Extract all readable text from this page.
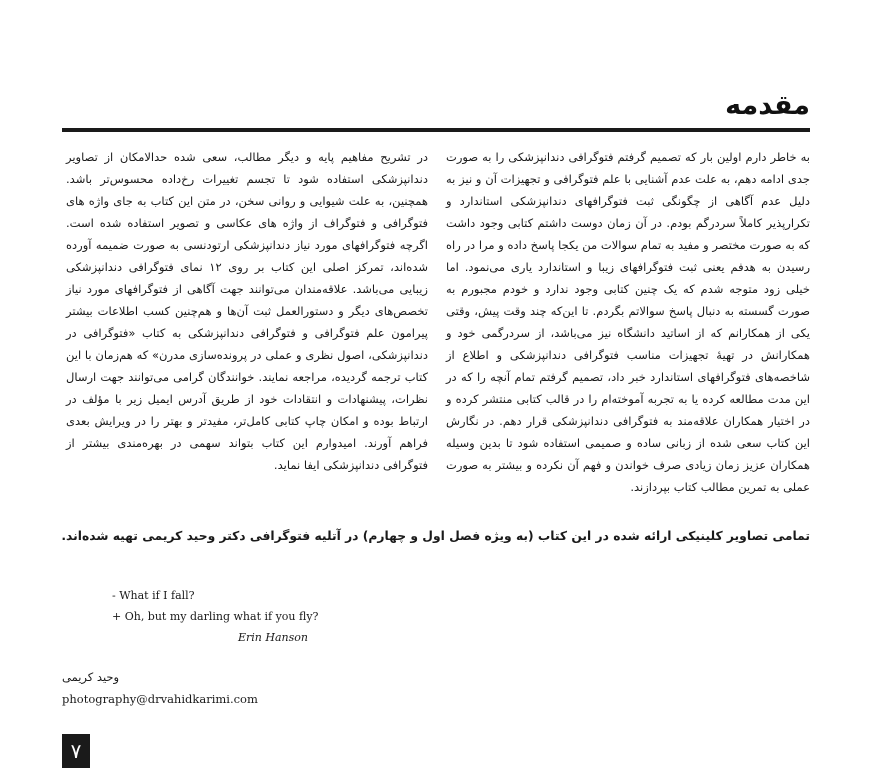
مقدمه

به خاطر دارم اولین بار که تصمیم گرفتم فتوگرافی دندانپزشکی را به صورت جدی ادامه دهم، به علت عدم آشنایی با علم فتوگرافی و تجهیزات آن و نیز به دلیل عدم آگاهی از چگونگی ثبت فتوگرافهای دندانپزشکی استاندارد و تکرارپذیر کاملاً سردرگم بودم. در آن زمان دوست داشتم کتابی وجود داشت که به صورت مختصر و مفید به تمام سوالات من یکجا پاسخ داده و مرا در راه رسیدن به هدفم یعنی ثبت فتوگرافهای زیبا و استاندارد یاری می‌نمود. اما خیلی زود متوجه شدم که یک چنین کتابی وجود ندارد و خودم مجبورم به صورت گسسته به دنبال پاسخ سوالاتم بگردم. تا این‌که چند وقت پیش، وقتی یکی از همکارانم که از اساتید دانشگاه نیز می‌باشد، از سردرگمی خود و همکارانش در تهیهٔ تجهیزات مناسب فتوگرافی دندانپزشکی و اطلاع از شاخصه‌های فتوگرافهای استاندارد خبر داد، تصمیم گرفتم تمام آنچه را که در این مدت مطالعه کرده یا به تجربه آموخته‌ام را در قالب کتابی منتشر کرده و در اختیار همکاران علاقه‌مند به فتوگرافی دندانپزشکی قرار دهم. در نگارش این کتاب سعی شده از زبانی ساده و صمیمی استفاده شود تا بدین وسیله همکاران عزیز زمان زیادی صرف خواندن و فهم آن نکرده و بیشتر به صورت عملی به تمرین مطالب کتاب بپردازند.

در تشریح مفاهیم پایه و دیگر مطالب، سعی شده حدالامکان از تصاویر دندانپزشکی استفاده شود تا تجسم تغییرات رخ‌داده محسوس‌تر باشد. همچنین، به علت شیوایی و روانی سخن، در متن این کتاب به جای واژه های فتوگرافی و فتوگراف از واژه های عکاسی و تصویر استفاده شده است. اگرچه فتوگرافهای مورد نیاز دندانپزشکی ارتودنسی به صورت ضمیمه آورده شده‌اند، تمرکز اصلی این کتاب بر روی ۱۲ نمای فتوگرافی دندانپزشکی زیبایی می‌باشد. علاقه‌مندان می‌توانند جهت آگاهی از فتوگرافهای مورد نیاز تخصص‌های دیگر و دستورالعمل ثبت آن‌ها و هم‌چنین کسب اطلاعات بیشتر پیرامون علم فتوگرافی و فتوگرافی دندانپزشکی به کتاب «فتوگرافی در دندانپزشکی، اصول نظری و عملی در پرونده‌سازی مدرن» که هم‌زمان با این کتاب ترجمه گردیده، مراجعه نمایند. خوانندگان گرامی می‌توانند جهت ارسال نظرات، پیشنهادات و انتقادات خود از طریق آدرس ایمیل زیر با مؤلف در ارتباط بوده و امکان چاپ کتابی کامل‌تر، مفیدتر و بهتر را در ویرایش بعدی فراهم آورند. امیدوارم این کتاب بتواند سهمی در بهره‌مندی بیشتر از فتوگرافی دندانپزشکی ایفا نماید.

تمامی تصاویر کلینیکی ارائه شده در این کتاب (به ویژه فصل اول و چهارم) در آتلیه فتوگرافی دکتر وحید کریمی تهیه شده‌اند.
- What if I fall?
+ Oh, but my darling what if you fly?
Erin Hanson
وحید کریمی
photography@drvahidkarimi.com
۷
